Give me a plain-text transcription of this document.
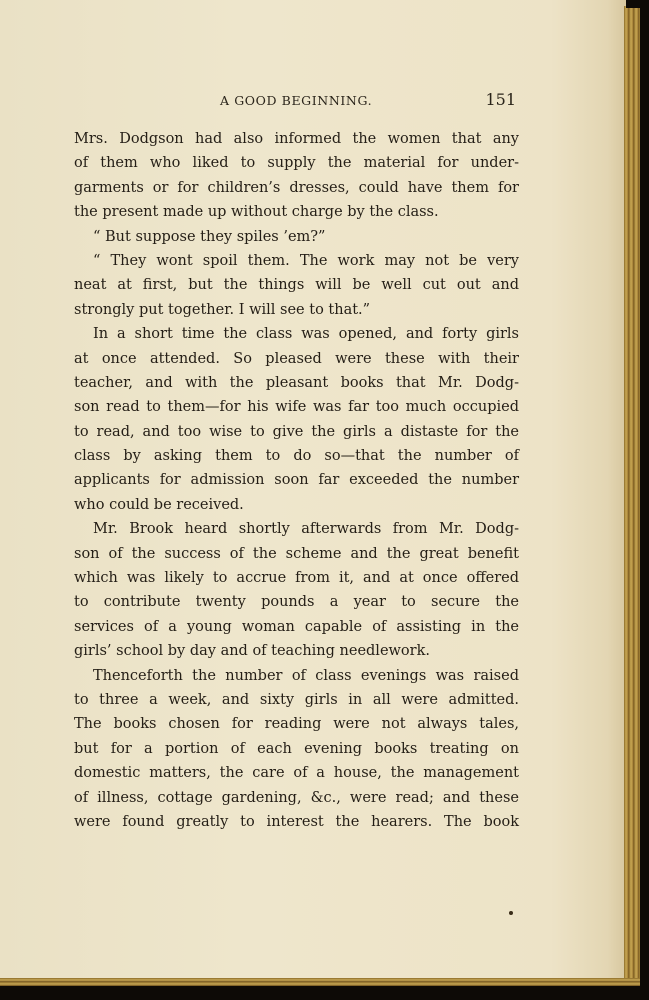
A GOOD BEGINNING.	151
Mrs. Dodgson had also informed the women that any
of them who liked to supply the material for under-
garments or for children’s dresses, could have them for
the present made up without charge by the class.
“ But suppose they spiles ’em?”
“ They wont spoil them. The work may not be very
neat at first, but the things will be well cut out and
strongly put together. I will see to that.”
In a short time the class was opened, and forty girls
at once attended. So pleased were these with their
teacher, and with the pleasant books that Mr. Dodg-
son read to them—for his wife was far too much occupied
to read, and too wise to give the girls a distaste for the
class by asking them to do so—that the number of
applicants for admission soon far exceeded the number
who could be received.
Mr. Brook heard shortly afterwards from Mr. Dodg-
son of the success of the scheme and the great benefit
which was likely to accrue from it, and at once offered
to contribute twenty pounds a year to secure the
services of a young woman capable of assisting in the
girls’ school by day and of teaching needlework.
Thenceforth the number of class evenings was raised
to three a week, and sixty girls in all were admitted.
The books chosen for reading were not always tales,
but for a portion of each evening books treating on
domestic matters, the care of a house, the management
of illness, cottage gardening, &c., were read; and these
were found greatly to interest the hearers. The book
